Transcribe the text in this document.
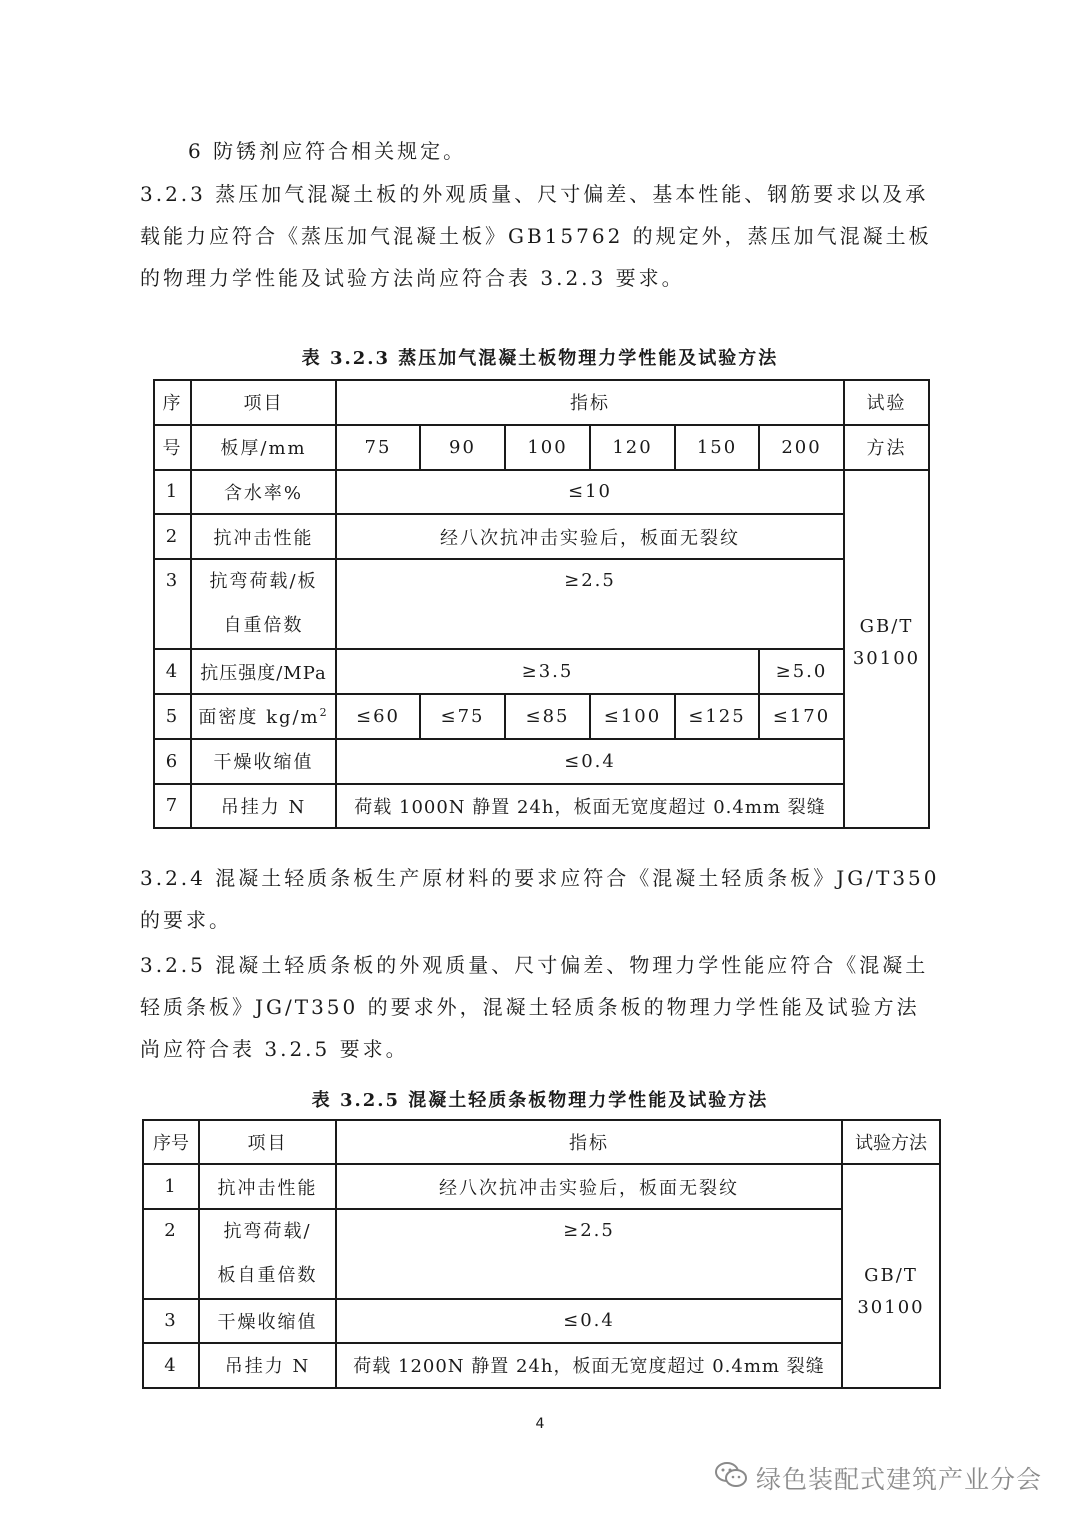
6 防锈剂应符合相关规定。

3.2.3 蒸压加气混凝土板的外观质量、尺寸偏差、基本性能、钢筋要求以及承载能力应符合《蒸压加气混凝土板》GB15762 的规定外，蒸压加气混凝土板的物理力学性能及试验方法尚应符合表 3.2.3 要求。

表 3.2.3 蒸压加气混凝土板物理力学性能及试验方法
序	项目	指标						试验
号	板厚/mm	75	90	100	120	150	200	方法
1	含水率%	≤10						GB/T
30100
2	抗冲击性能	经八次抗冲击实验后，板面无裂纹						
3	抗弯荷载/板
自重倍数	≥2.5						
4	抗压强度/MPa	≥3.5					≥5.0	
5	面密度 $kg/m^2$	≤60	≤75	≤85	≤100	≤125	≤170	
6	干燥收缩值	≤0.4						
7	吊挂力 N	荷载 1000N 静置 24h，板面无宽度超过 0.4mm 裂缝						

3.2.4 混凝土轻质条板生产原材料的要求应符合《混凝土轻质条板》JG/T350 的要求。

3.2.5 混凝土轻质条板的外观质量、尺寸偏差、物理力学性能应符合《混凝土轻质条板》JG/T350 的要求外，混凝土轻质条板的物理力学性能及试验方法尚应符合表 3.2.5 要求。

表 3.2.5 混凝土轻质条板物理力学性能及试验方法
序号	项目	指标	试验方法
1	抗冲击性能	经八次抗冲击实验后，板面无裂纹	GB/T
30100
2	抗弯荷载/
板自重倍数	≥2.5	
3	干燥收缩值	≤0.4	
4	吊挂力 N	荷载 1200N 静置 24h，板面无宽度超过 0.4mm 裂缝	
4
绿色装配式建筑产业分会
